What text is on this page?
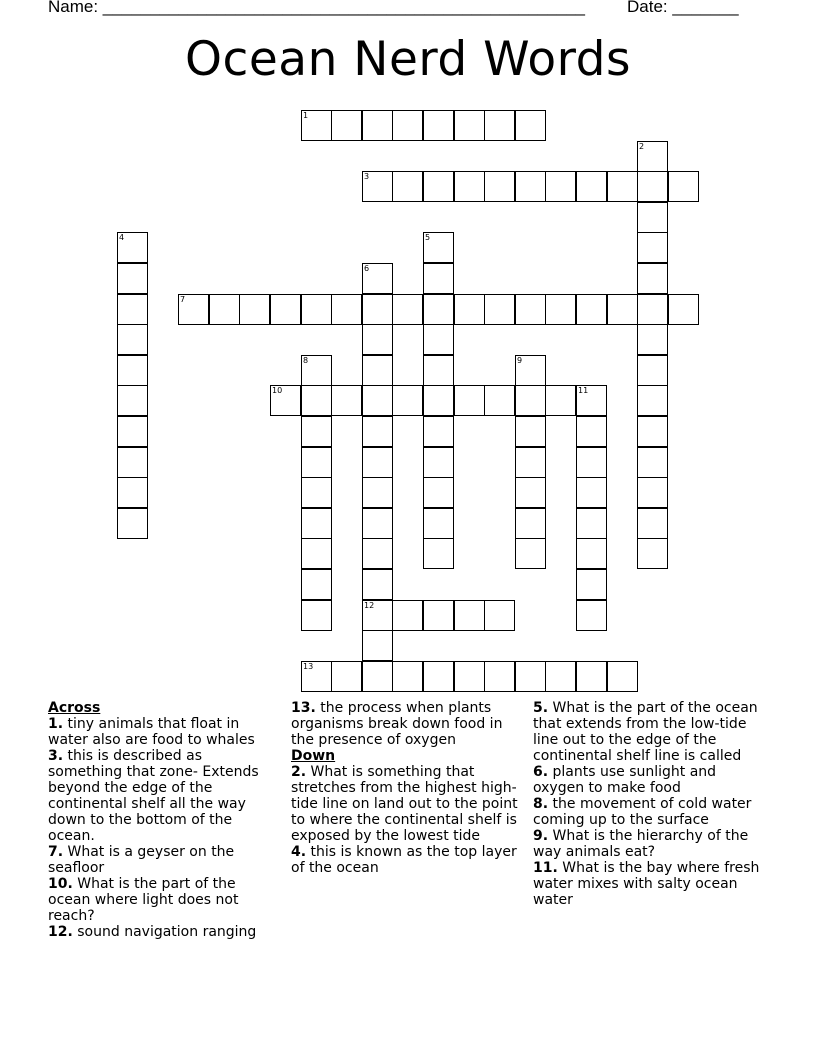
Name: ___________________________________________________ Date: _______
Ocean Nerd Words
1
2
3
4	5
6
12
7
8	9
10	11
13
Across
1. tiny animals that float in water also are food to whales
3. this is described as something that zone- Extends beyond the edge of the continental shelf all the way down to the bottom of the ocean.
7. What is a geyser on the seafloor
10. What is the part of the ocean where light does not reach?
12. sound navigation ranging
13. the process when plants organisms break down food in the presence of oxygen
Down
2. What is something that stretches from the highest high-tide line on land out to the point to where the continental shelf is exposed by the lowest tide
4. this is known as the top layer of the ocean
5. What is the part of the ocean that extends from the low-tide line out to the edge of the continental shelf line is called
6. plants use sunlight and oxygen to make food
8. the movement of cold water coming up to the surface
9. What is the hierarchy of the way animals eat?
11. What is the bay where fresh water mixes with salty ocean water
